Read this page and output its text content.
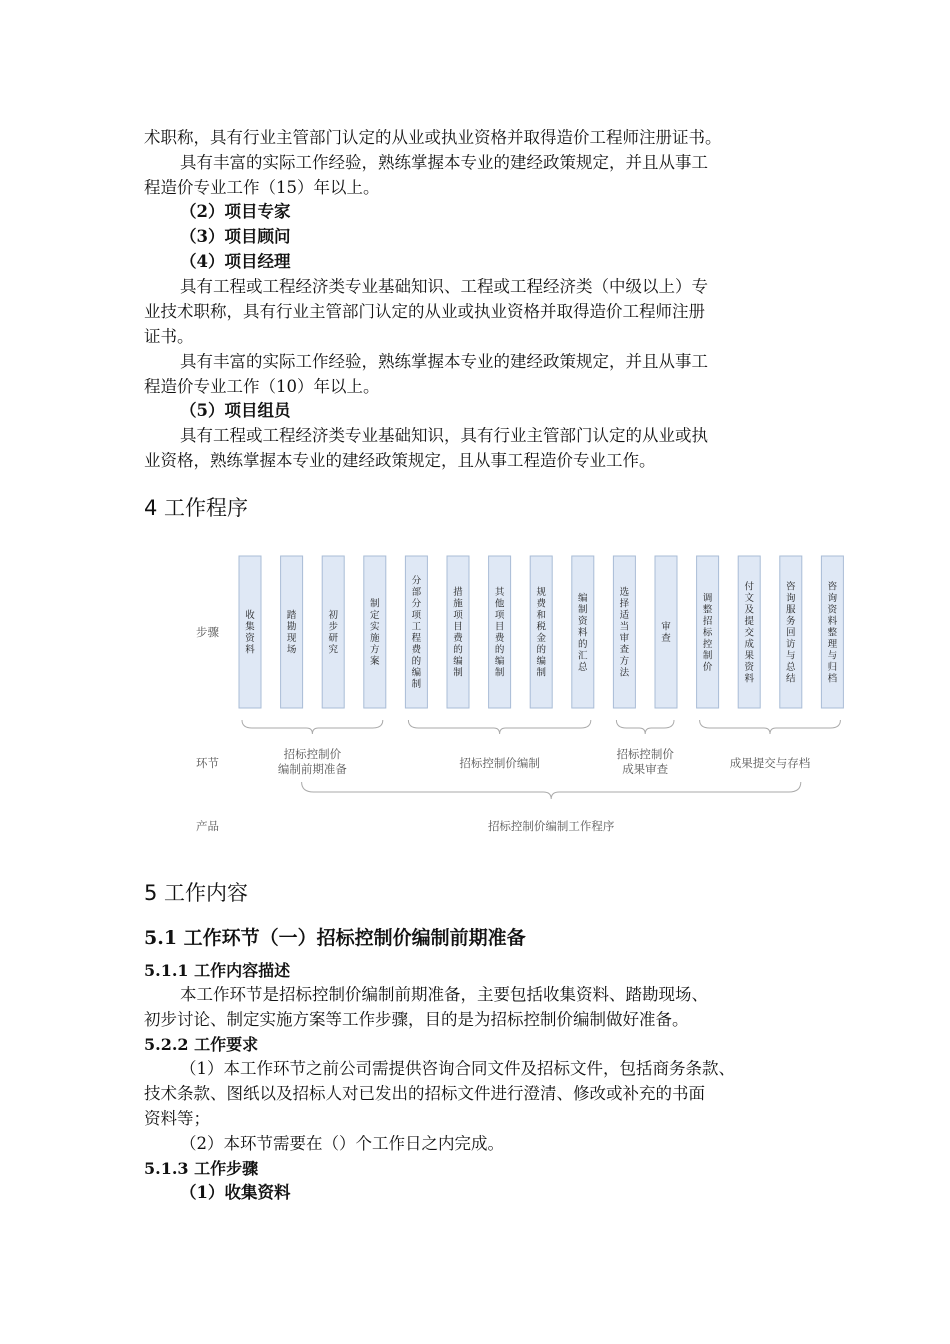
术职称，具有行业主管部门认定的从业或执业资格并取得造价工程师注册证书。
具有丰富的实际工作经验，熟练掌握本专业的建经政策规定，并且从事工
程造价专业工作（15）年以上。
（2）项目专家
（3）项目顾问
（4）项目经理
具有工程或工程经济类专业基础知识、工程或工程经济类（中级以上）专
业技术职称，具有行业主管部门认定的从业或执业资格并取得造价工程师注册
证书。
具有丰富的实际工作经验，熟练掌握本专业的建经政策规定，并且从事工
程造价专业工作（10）年以上。
（5）项目组员
具有工程或工程经济类专业基础知识，具有行业主管部门认定的从业或执
业资格，熟练掌握本专业的建经政策规定，且从事工程造价专业工作。
4 工作程序
步骤
环节
产品
收集资料
踏勘现场
初步研究
制定实施方案
分部分项工程费的编制
措施项目费的编制
其他项目费的编制
规费和税金的编制
编制资料的汇总
选择适当审查方法
审查
调整招标控制价
付文及提交成果资料
咨询服务回访与总结
咨询资料整理与归档
招标控制价编制前期准备	招标控制价编制
招标控制价成果审查	成果提交与存档
招标控制价编制工作程序
5 工作内容
5.1 工作环节（一）招标控制价编制前期准备
5.1.1 工作内容描述
本工作环节是招标控制价编制前期准备，主要包括收集资料、踏勘现场、
初步讨论、制定实施方案等工作步骤，目的是为招标控制价编制做好准备。
5.2.2 工作要求
（1）本工作环节之前公司需提供咨询合同文件及招标文件，包括商务条款、
技术条款、图纸以及招标人对已发出的招标文件进行澄清、修改或补充的书面
资料等；
（2）本环节需要在（）个工作日之内完成。
5.1.3 工作步骤
（1）收集资料
